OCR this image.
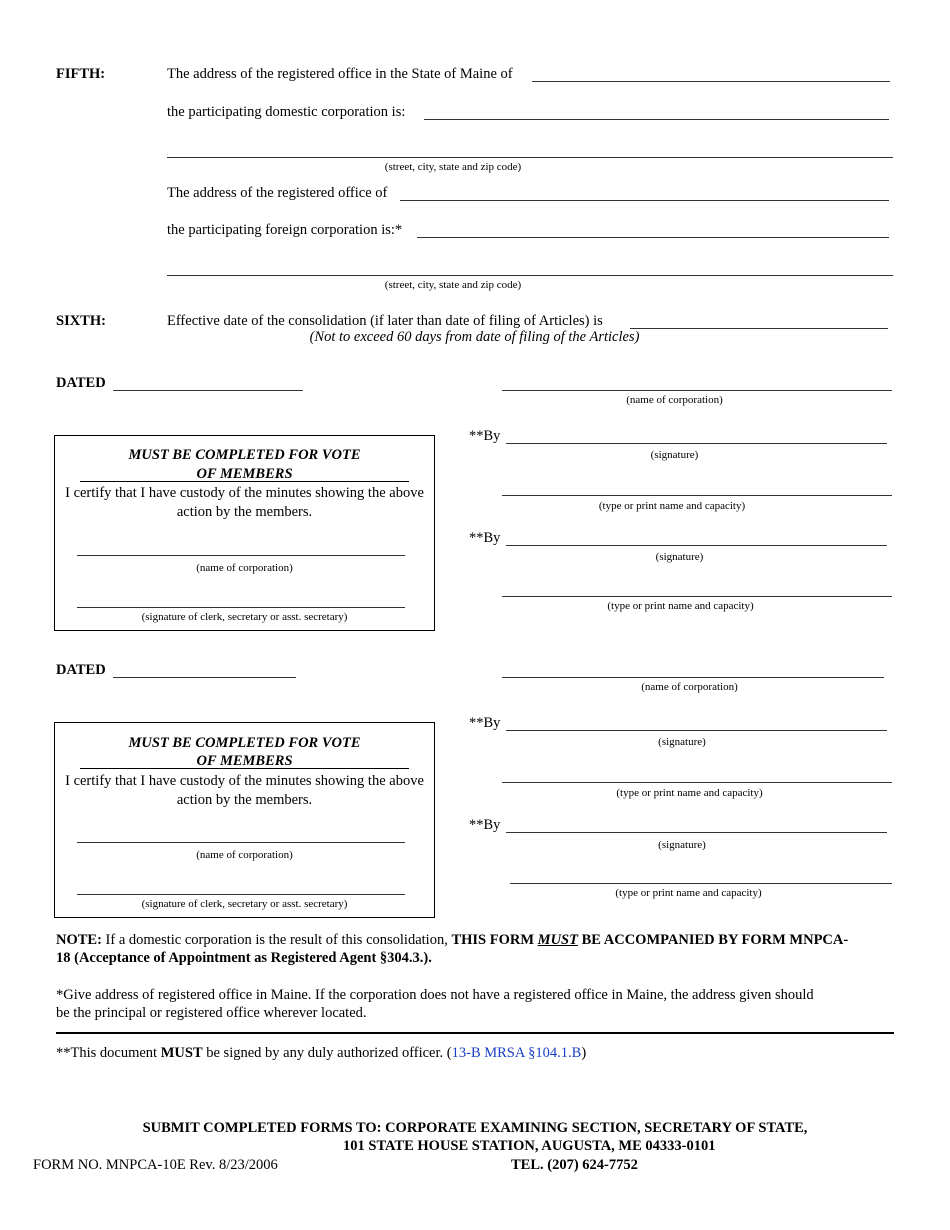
FIFTH:	The address of the registered office in the State of Maine of
the participating domestic corporation is:
(street, city, state and zip code)
The address of the registered office of
the participating foreign corporation is:*
(street, city, state and zip code)
SIXTH:	Effective date of the consolidation (if later than date of filing of Articles) is
(Not to exceed 60 days from date of filing of the Articles)
DATED
(name of corporation)
**By
(signature)
(type or print name and capacity)
**By
(signature)
(type or print name and capacity)
MUST BE COMPLETED FOR VOTE
OF MEMBERS
I certify that I have custody of the minutes showing the above action by the members.
(name of corporation)
(signature of clerk, secretary or asst. secretary)
DATED
(name of corporation)
**By
(signature)
(type or print name and capacity)
**By
(signature)
(type or print name and capacity)
MUST BE COMPLETED FOR VOTE
OF MEMBERS
I certify that I have custody of the minutes showing the above action by the members.
(name of corporation)
(signature of clerk, secretary or asst. secretary)
NOTE: If a domestic corporation is the result of this consolidation, THIS FORM MUST BE ACCOMPANIED BY FORM MNPCA-
18 (Acceptance of Appointment as Registered Agent §304.3.).
*Give address of registered office in Maine. If the corporation does not have a registered office in Maine, the address given should
be the principal or registered office wherever located.
**This document MUST be signed by any duly authorized officer. (13-B MRSA §104.1.B)
SUBMIT COMPLETED FORMS TO: CORPORATE EXAMINING SECTION, SECRETARY OF STATE,
101 STATE HOUSE STATION, AUGUSTA, ME 04333-0101
FORM NO. MNPCA-10E Rev. 8/23/2006	TEL. (207) 624-7752
